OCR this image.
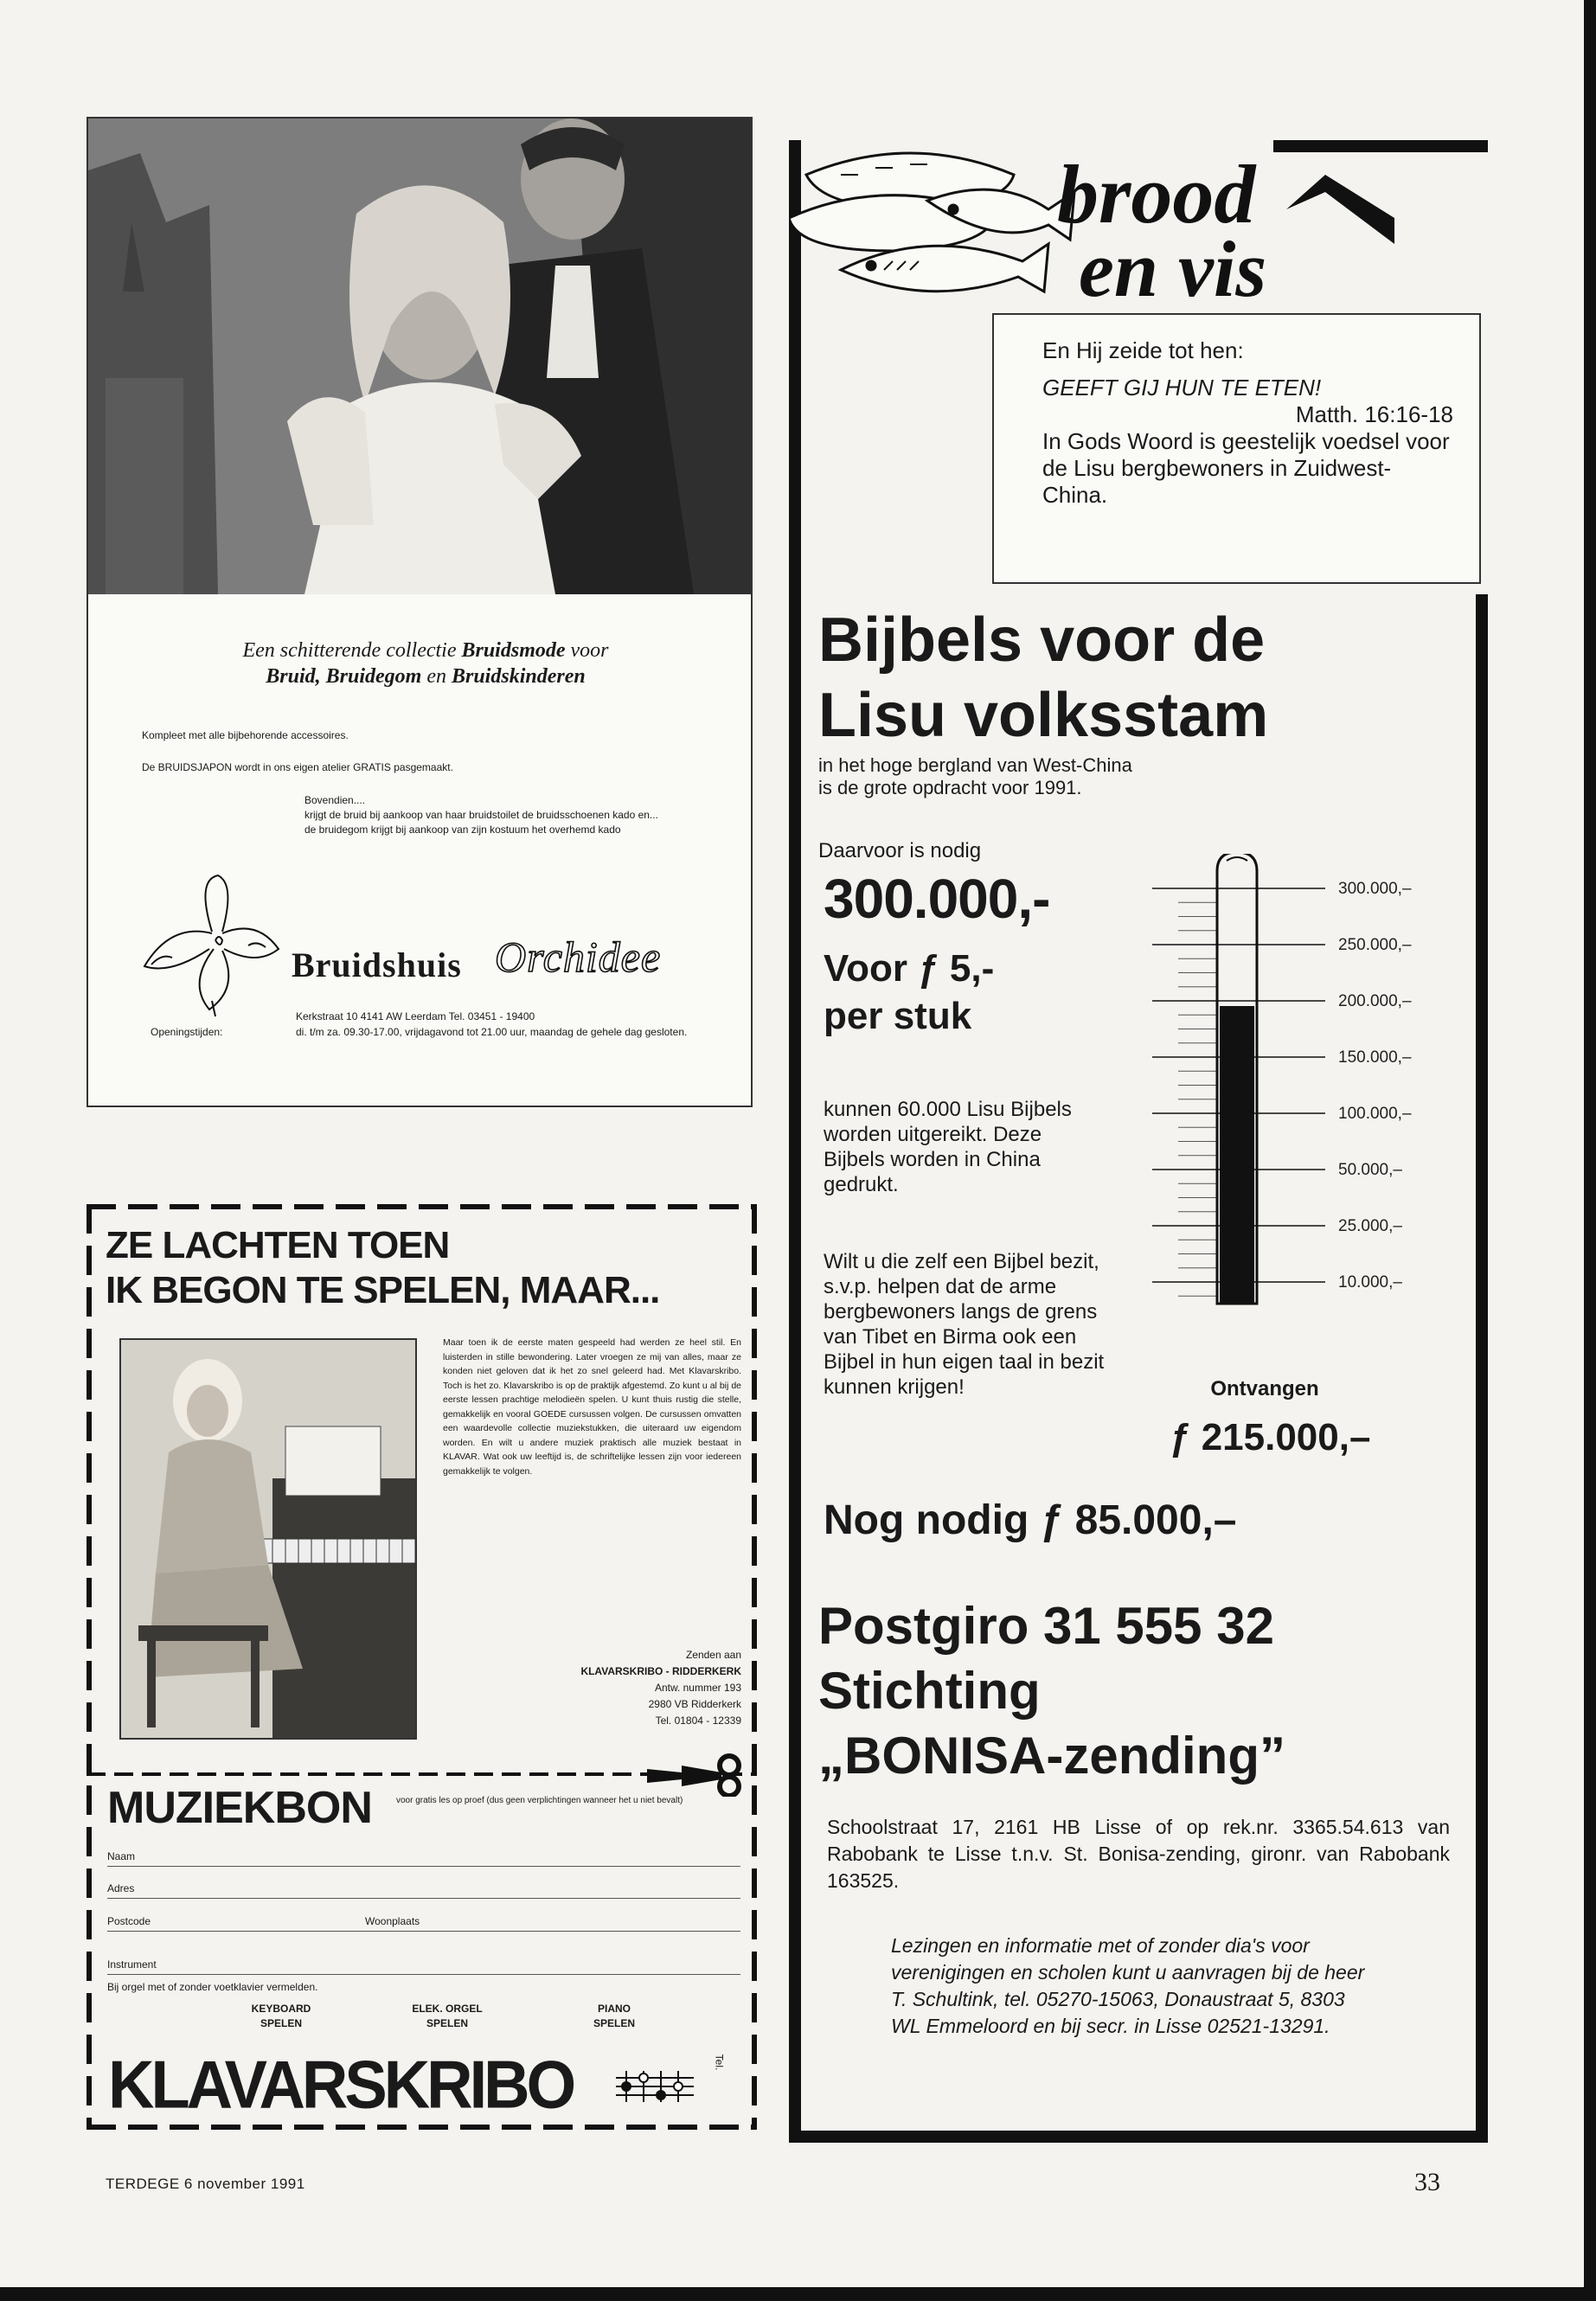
Een schitterende collectie Bruidsmode voor
Bruid, Bruidegom en Bruidskinderen
Kompleet met alle bijbehorende accessoires.
De BRUIDSJAPON wordt in ons eigen atelier GRATIS pasgemaakt.
Bovendien....
krijgt de bruid bij aankoop van haar bruidstoilet de bruidsschoenen kado en...
de bruidegom krijgt bij aankoop van zijn kostuum het overhemd kado
Bruidshuis Orchidee
Kerkstraat 10 4141 AW Leerdam Tel. 03451 - 19400
Openingstijden:	di. t/m za. 09.30-17.00, vrijdagavond tot 21.00 uur, maandag de gehele dag gesloten.
ZE LACHTEN TOEN
IK BEGON TE SPELEN, MAAR...
Maar toen ik de eerste maten gespeeld had werden ze heel stil. En luisterden in stille bewondering. Later vroegen ze mij van alles, maar ze konden niet geloven dat ik het zo snel geleerd had. Met Klavarskribo. Toch is het zo. Klavarskribo is op de praktijk afgestemd. Zo kunt u al bij de eerste lessen prachtige melodieën spelen. U kunt thuis rustig die stelle, gemakkelijk en vooral GOEDE cursussen volgen. De cursussen omvatten een waardevolle collectie muziekstukken, die uiteraard uw eigendom worden. En wilt u andere muziek praktisch alle muziek bestaat in KLAVAR. Wat ook uw leeftijd is, de schriftelijke lessen zijn voor iedereen gemakkelijk te volgen.
Zenden aan
KLAVARSKRIBO - RIDDERKERK
Antw. nummer 193
2980 VB Ridderkerk
Tel. 01804 - 12339
MUZIEKBON	voor gratis les op proef (dus geen verplichtingen wanneer het u niet bevalt)
Naam
Adres
Postcode	Woonplaats
Instrument
Bij orgel met of zonder voetklavier vermelden.
KEYBOARD
SPELEN
ELEK. ORGEL
SPELEN
PIANO
SPELEN
KLAVARSKRIBO	Tel.
brood
en vis
En Hij zeide tot hen:
GEEFT GIJ HUN TE ETEN!
Matth. 16:16-18
In Gods Woord is geestelijk voedsel voor de Lisu bergbewoners in Zuidwest-China.
Bijbels voor de
Lisu volksstam
in het hoge bergland van West-China
is de grote opdracht voor 1991.
Daarvoor is nodig
300.000,-
Voor ƒ 5,-
per stuk
kunnen 60.000 Lisu Bijbels worden uitgereikt. Deze Bijbels worden in China gedrukt.
Wilt u die zelf een Bijbel bezit, s.v.p. helpen dat de arme bergbewoners langs de grens van Tibet en Birma ook een Bijbel in hun eigen taal in bezit kunnen krijgen!
300.000,–
250.000,–
200.000,–
150.000,–
100.000,–
50.000,–
25.000,–
10.000,–
Ontvangen
ƒ 215.000,–
Nog nodig ƒ 85.000,–
Postgiro 31 555 32
Stichting
„BONISA-zending”
Schoolstraat 17, 2161 HB Lisse of op rek.nr. 3365.54.613 van Rabobank te Lisse t.n.v. St. Bonisa-zending, gironr. van Rabobank 163525.
Lezingen en informatie met of zonder dia's voor verenigingen en scholen kunt u aanvragen bij de heer T. Schultink, tel. 05270-15063, Donaustraat 5, 8303 WL Emmeloord en bij secr. in Lisse 02521-13291.
TERDEGE 6 november 1991	33
